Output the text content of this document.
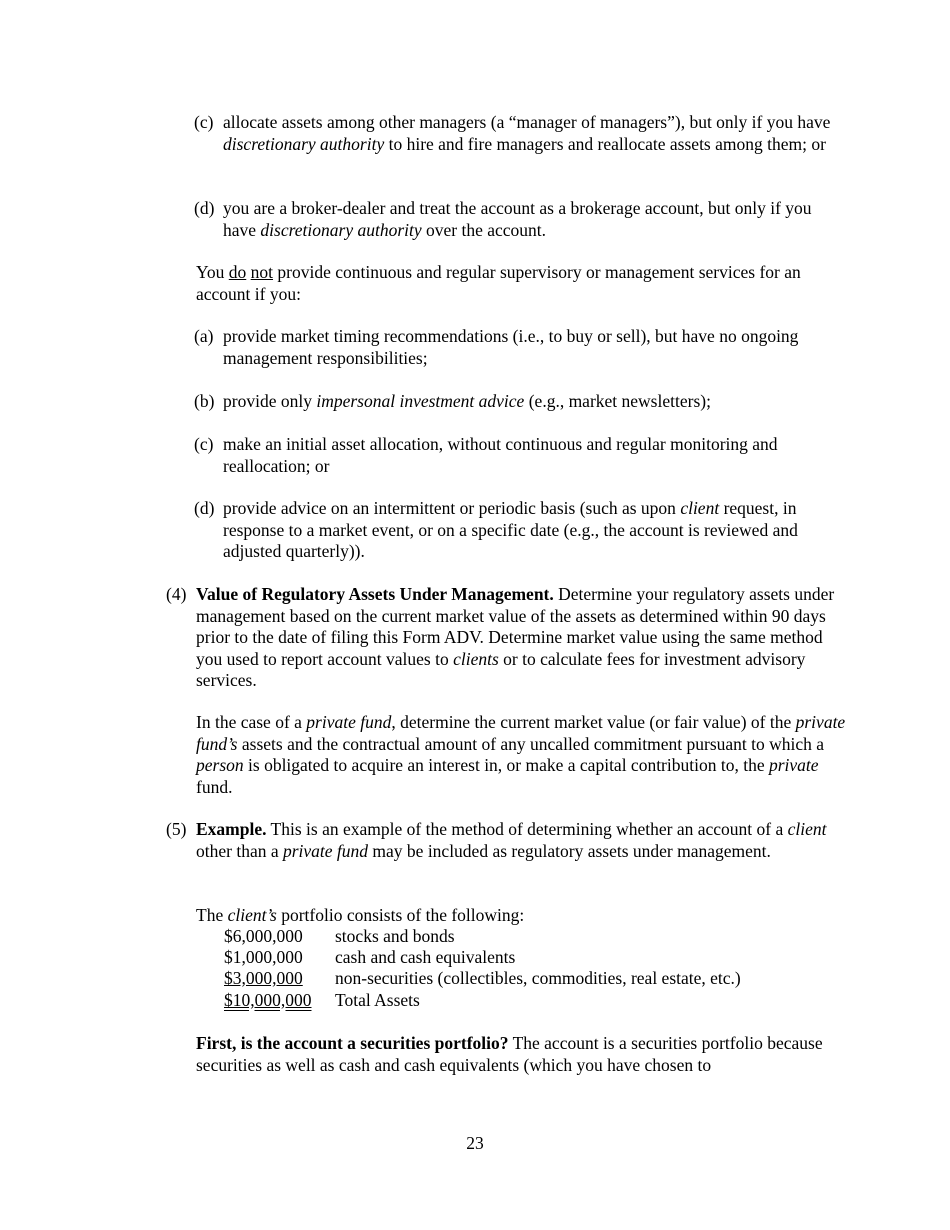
(c) allocate assets among other managers (a “manager of managers”), but only if you have discretionary authority to hire and fire managers and reallocate assets among them; or
(d) you are a broker-dealer and treat the account as a brokerage account, but only if you have discretionary authority over the account.
You do not provide continuous and regular supervisory or management services for an account if you:
(a) provide market timing recommendations (i.e., to buy or sell), but have no ongoing management responsibilities;
(b) provide only impersonal investment advice (e.g., market newsletters);
(c) make an initial asset allocation, without continuous and regular monitoring and reallocation; or
(d) provide advice on an intermittent or periodic basis (such as upon client request, in response to a market event, or on a specific date (e.g., the account is reviewed and adjusted quarterly)).
(4) Value of Regulatory Assets Under Management. Determine your regulatory assets under management based on the current market value of the assets as determined within 90 days prior to the date of filing this Form ADV. Determine market value using the same method you used to report account values to clients or to calculate fees for investment advisory services.
In the case of a private fund, determine the current market value (or fair value) of the private fund’s assets and the contractual amount of any uncalled commitment pursuant to which a person is obligated to acquire an interest in, or make a capital contribution to, the private fund.
(5) Example. This is an example of the method of determining whether an account of a client other than a private fund may be included as regulatory assets under management.
The client’s portfolio consists of the following:
$6,000,000 stocks and bonds
$1,000,000 cash and cash equivalents
$3,000,000 non-securities (collectibles, commodities, real estate, etc.)
$10,000,000 Total Assets
First, is the account a securities portfolio? The account is a securities portfolio because securities as well as cash and cash equivalents (which you have chosen to
23
